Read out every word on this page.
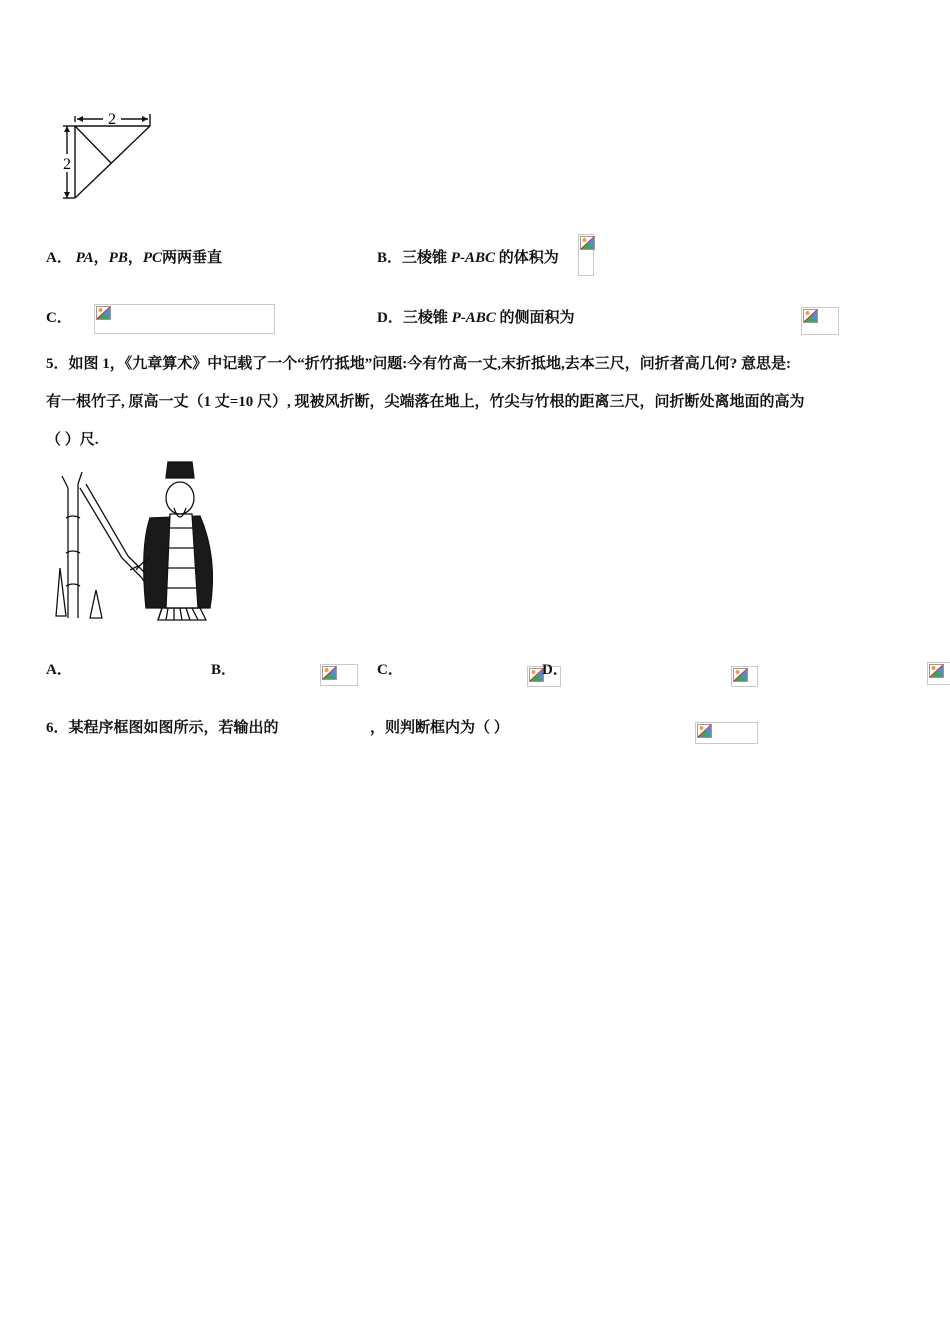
2
2
A． PA，PB，PC两两垂直	B．三棱锥 P-ABC 的体积为

C．
	D．三棱锥 P-ABC 的侧面积为

5．如图 1，《九章算术》中记载了一个“折竹抵地”问题:今有竹高一丈,末折抵地,去本三尺，问折者高几何? 意思是:
有一根竹子, 原高一丈（1 丈=10 尺）, 现被风折断，尖端落在地上，竹尖与竹根的距离三尺，问折断处离地面的高为
（ ）尺.
A．
	B．
	C．
	D．

6．某程序框图如图所示，若输出的	，则判断框内为（ ）
